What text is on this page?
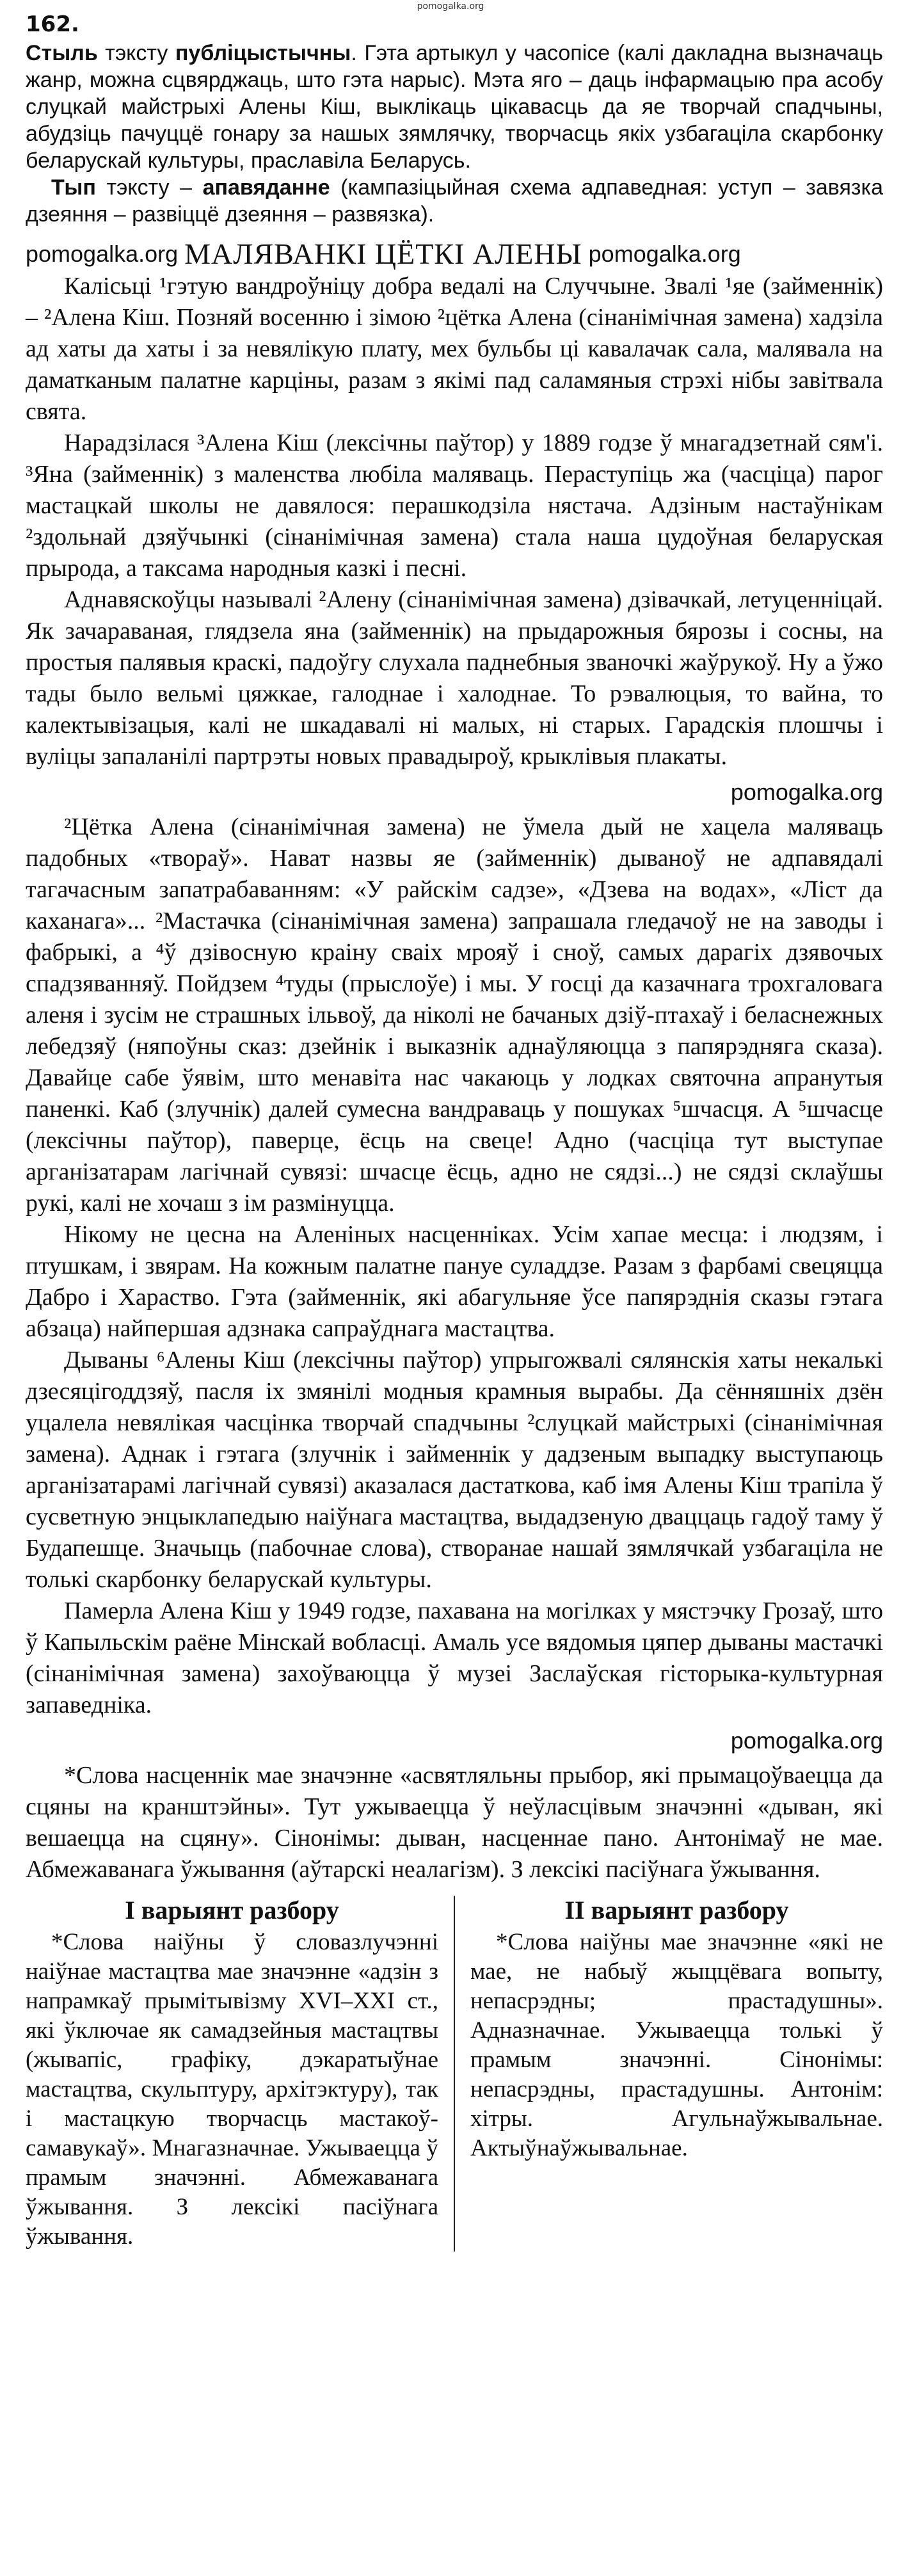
pomogalka.org
162.

Стыль тэксту публіцыстычны. Гэта артыкул у часопісе (калі дакладна вызначаць жанр, можна сцвярджаць, што гэта нарыс). Мэта яго – даць інфармацыю пра асобу слуцкай майстрыхі Алены Кіш, выклікаць цікавасць да яе творчай спадчыны, абудзіць пачуццё гонару за нашых зямлячку, творчасць якіх узбагаціла скарбонку беларускай культуры, праславіла Беларусь.

Тып тэксту – апавяданне (кампазіцыйная схема адпаведная: уступ – завязка дзеяння – развіццё дзеяння – развязка).

pomogalka.org МАЛЯВАНКІ ЦЁТКІ АЛЕНЫ pomogalka.org

Калісьці ¹гэтую вандроўніцу добра ведалі на Случчыне. Звалі ¹яе (займеннік) – ²Алена Кіш. Позняй восенню і зімою ²цётка Алена (сінанімічная замена) хадзіла ад хаты да хаты і за невялікую плату, мех бульбы ці кавалачак сала, малявала на даматканым палатне карціны, разам з якімі пад саламяныя стрэхі нібы завітвала свята.

Нарадзілася ³Алена Кіш (лексічны паўтор) у 1889 годзе ў мнагадзетнай сям'і. ³Яна (займеннік) з маленства любіла маляваць. Пераступіць жа (часціца) парог мастацкай школы не давялося: перашкодзіла нястача. Адзіным настаўнікам ²здольнай дзяўчынкі (сінанімічная замена) стала наша цудоўная беларуская прырода, а таксама народныя казкі і песні.

Аднавяскоўцы называлі ²Алену (сінанімічная замена) дзівачкай, летуценніцай. Як зачараваная, глядзела яна (займеннік) на прыдарожныя бярозы і сосны, на простыя палявыя краскі, падоўгу слухала паднебныя званочкі жаўрукоў. Ну а ўжо тады было вельмі цяжкае, галоднае і халоднае. То рэвалюцыя, то вайна, то калектывізацыя, калі не шкадавалі ні малых, ні старых. Гарадскія плошчы і вуліцы запаланілі партрэты новых правадыроў, крыклівыя плакаты.

pomogalka.org

²Цётка Алена (сінанімічная замена) не ўмела дый не хацела маляваць падобных «твораў». Нават назвы яе (займеннік) дываноў не адпавядалі тагачасным запатрабаванням: «У райскім садзе», «Дзева на водах», «Ліст да каханага»... ²Мастачка (сінанімічная замена) запрашала гледачоў не на заводы і фабрыкі, а ⁴ў дзівосную краіну сваіх мрояў і сноў, самых дарагіх дзявочых спадзяванняў. Пойдзем ⁴туды (прыслоўе) і мы. У госці да казачнага трохгаловага аленя і зусім не страшных ільвоў, да ніколі не бачаных дзіў-птахаў і беласнежных лебедзяў (няпоўны сказ: дзейнік і выказнік аднаўляюцца з папярэдняга сказа). Давайце сабе ўявім, што менавіта нас чакаюць у лодках святочна апранутыя паненкі. Каб (злучнік) далей сумесна вандраваць у пошуках ⁵шчасця. А ⁵шчасце (лексічны паўтор), паверце, ёсць на свеце! Адно (часціца тут выступае арганізатарам лагічнай сувязі: шчасце ёсць, адно не сядзі...) не сядзі склаўшы рукі, калі не хочаш з ім размінуцца.

Нікому не цесна на Аленіных насценніках. Усім хапае месца: і людзям, і птушкам, і звярам. На кожным палатне пануе суладдзе. Разам з фарбамі свецяцца Дабро і Хараство. Гэта (займеннік, які абагульняе ўсе папярэднія сказы гэтага абзаца) найпершая адзнака сапраўднага мастацтва.

Дываны ⁶Алены Кіш (лексічны паўтор) упрыгожвалі сялянскія хаты некалькі дзесяцігоддзяў, пасля іх змянілі модныя крамныя вырабы. Да сённяшніх дзён уцалела невялікая часцінка творчай спадчыны ²слуцкай майстрыхі (сінанімічная замена). Аднак і гэтага (злучнік і займеннік у дадзеным выпадку выступаюць арганізатарамі лагічнай сувязі) аказалася дастаткова, каб імя Алены Кіш трапіла ў сусветную энцыклапедыю наіўнага мастацтва, выдадзеную дваццаць гадоў таму ў Будапешце. Значыць (пабочнае слова), створанае нашай зямлячкай узбагаціла не толькі скарбонку беларускай культуры.

Памерла Алена Кіш у 1949 годзе, пахавана на могілках у мястэчку Грозаў, што ў Капыльскім раёне Мінскай вобласці. Амаль усе вядомыя цяпер дываны мастачкі (сінанімічная замена) захоўваюцца ў музеі Заслаўская гісторыка-культурная запаведніка.

pomogalka.org

*Слова насценнік мае значэнне «асвятляльны прыбор, які прымацоўваецца да сцяны на кранштэйны». Тут ужываецца ў неўласцівым значэнні «дыван, які вешаецца на сцяну». Сінонімы: дыван, насценнае пано. Антонімаў не мае. Абмежаванага ўжывання (аўтарскі неалагізм). З лексікі пасіўнага ўжывання.

I варыянт разбору

*Слова наіўны ў словазлучэнні наіўнае мастацтва мае значэнне «адзін з напрамкаў прымітывізму XVI–XXI ст., які ўключае як самадзейныя мастацтвы (жывапіс, графіку, дэкаратыўнае мастацтва, скульптуру, архітэктуру), так і мастацкую творчасць мастакоў-самавукаў». Мнагазначнае. Ужываецца ў прамым значэнні. Абмежаванага ўжывання. З лексікі пасіўнага ўжывання.

II варыянт разбору

*Слова наіўны мае значэнне «які не мае, не набыў жыццёвага вопыту, непасрэдны; прастадушны». Адназначнае. Ужываецца толькі ў прамым значэнні. Сінонімы: непасрэдны, прастадушны. Антонім: хітры. Агульнаўжывальнае. Актыўнаўжывальнае.
